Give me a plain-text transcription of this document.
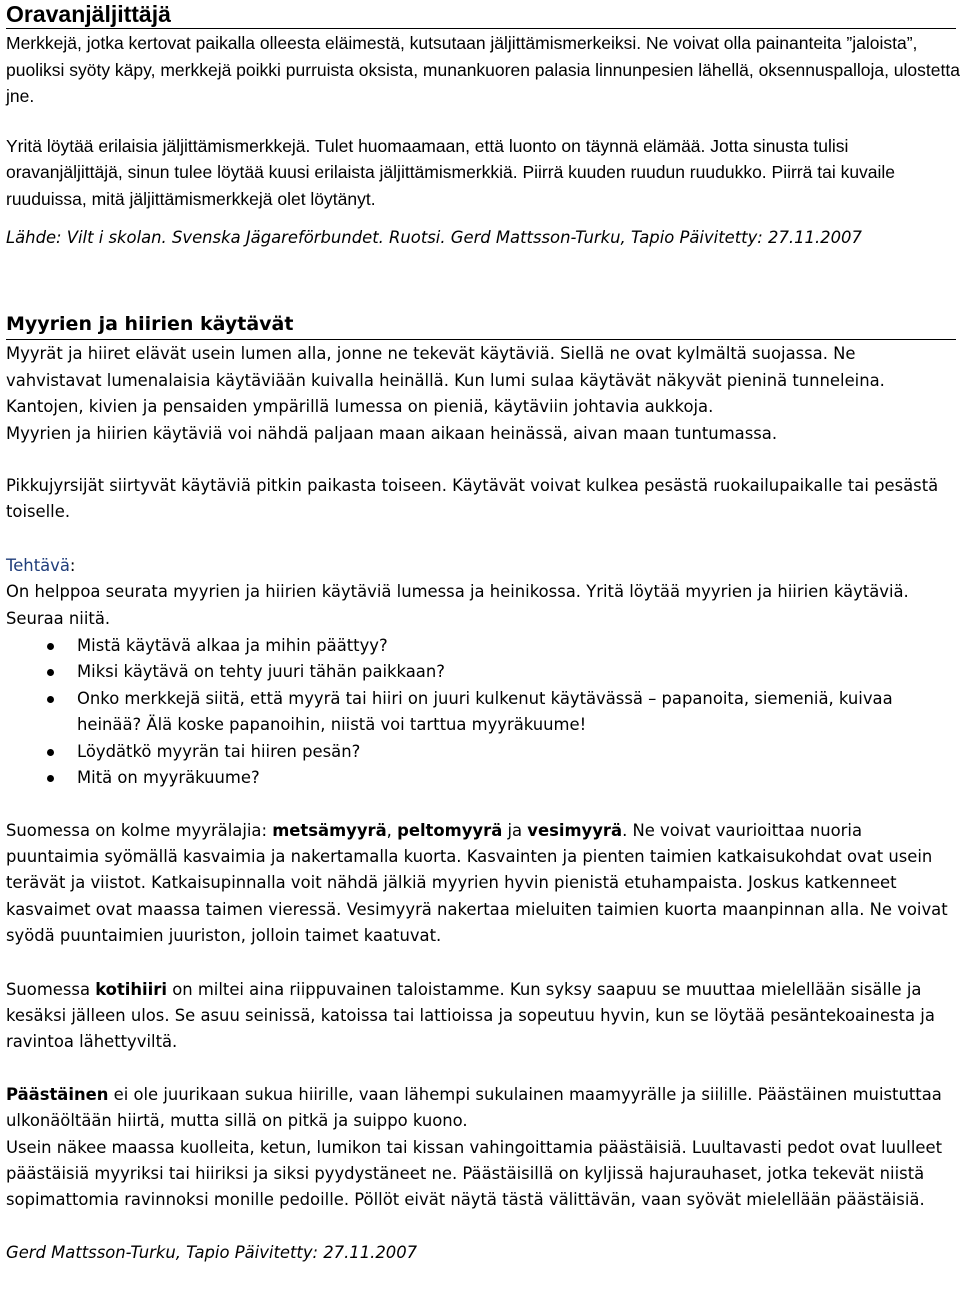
Oravanjäljittäjä

Merkkejä, jotka kertovat paikalla olleesta eläimestä, kutsutaan jäljittämismerkeiksi. Ne voivat olla painanteita ”jaloista”, puoliksi syöty käpy, merkkejä poikki purruista oksista, munankuoren palasia linnunpesien lähellä, oksennuspalloja, ulostetta jne.

Yritä löytää erilaisia jäljittämismerkkejä. Tulet huomaamaan, että luonto on täynnä elämää. Jotta sinusta tulisi oravanjäljittäjä, sinun tulee löytää kuusi erilaista jäljittämismerkkiä. Piirrä kuuden ruudun ruudukko. Piirrä tai kuvaile ruuduissa, mitä jäljittämismerkkejä olet löytänyt.

Lähde: Vilt i skolan. Svenska Jägareförbundet. Ruotsi. Gerd Mattsson-Turku, Tapio Päivitetty: 27.11.2007

Myyrien ja hiirien käytävät

Myyrät ja hiiret elävät usein lumen alla, jonne ne tekevät käytäviä. Siellä ne ovat kylmältä suojassa. Ne

vahvistavat lumenalaisia käytäviään kuivalla heinällä. Kun lumi sulaa käytävät näkyvät pieninä tunneleina.

Kantojen, kivien ja pensaiden ympärillä lumessa on pieniä, käytäviin johtavia aukkoja.

Myyrien ja hiirien käytäviä voi nähdä paljaan maan aikaan heinässä, aivan maan tuntumassa.

Pikkujyrsijät siirtyvät käytäviä pitkin paikasta toiseen. Käytävät voivat kulkea pesästä ruokailupaikalle tai pesästä toiselle.

Tehtävä:

On helppoa seurata myyrien ja hiirien käytäviä lumessa ja heinikossa. Yritä löytää myyrien ja hiirien käytäviä. Seuraa niitä.

Mistä käytävä alkaa ja mihin päättyy?
Miksi käytävä on tehty juuri tähän paikkaan?
Onko merkkejä siitä, että myyrä tai hiiri on juuri kulkenut käytävässä – papanoita, siemeniä, kuivaa heinää? Älä koske papanoihin, niistä voi tarttua myyräkuume!
Löydätkö myyrän tai hiiren pesän?
Mitä on myyräkuume?

Suomessa on kolme myyrälajia: metsämyyrä, peltomyyrä ja vesimyyrä. Ne voivat vaurioittaa nuoria puuntaimia syömällä kasvaimia ja nakertamalla kuorta. Kasvainten ja pienten taimien katkaisukohdat ovat usein terävät ja viistot. Katkaisupinnalla voit nähdä jälkiä myyrien hyvin pienistä etuhampaista. Joskus katkenneet kasvaimet ovat maassa taimen vieressä. Vesimyyrä nakertaa mieluiten taimien kuorta maanpinnan alla. Ne voivat syödä puuntaimien juuriston, jolloin taimet kaatuvat.

Suomessa kotihiiri on miltei aina riippuvainen taloistamme. Kun syksy saapuu se muuttaa mielellään sisälle ja kesäksi jälleen ulos. Se asuu seinissä, katoissa tai lattioissa ja sopeutuu hyvin, kun se löytää pesäntekoainesta ja ravintoa lähettyviltä.

Päästäinen ei ole juurikaan sukua hiirille, vaan lähempi sukulainen maamyyrälle ja siilille. Päästäinen muistuttaa ulkonäöltään hiirtä, mutta sillä on pitkä ja suippo kuono.

Usein näkee maassa kuolleita, ketun, lumikon tai kissan vahingoittamia päästäisiä. Luultavasti pedot ovat luulleet päästäisiä myyriksi tai hiiriksi ja siksi pyydystäneet ne. Päästäisillä on kyljissä hajurauhaset, jotka tekevät niistä sopimattomia ravinnoksi monille pedoille. Pöllöt eivät näytä tästä välittävän, vaan syövät mielellään päästäisiä.

Gerd Mattsson-Turku, Tapio Päivitetty: 27.11.2007
